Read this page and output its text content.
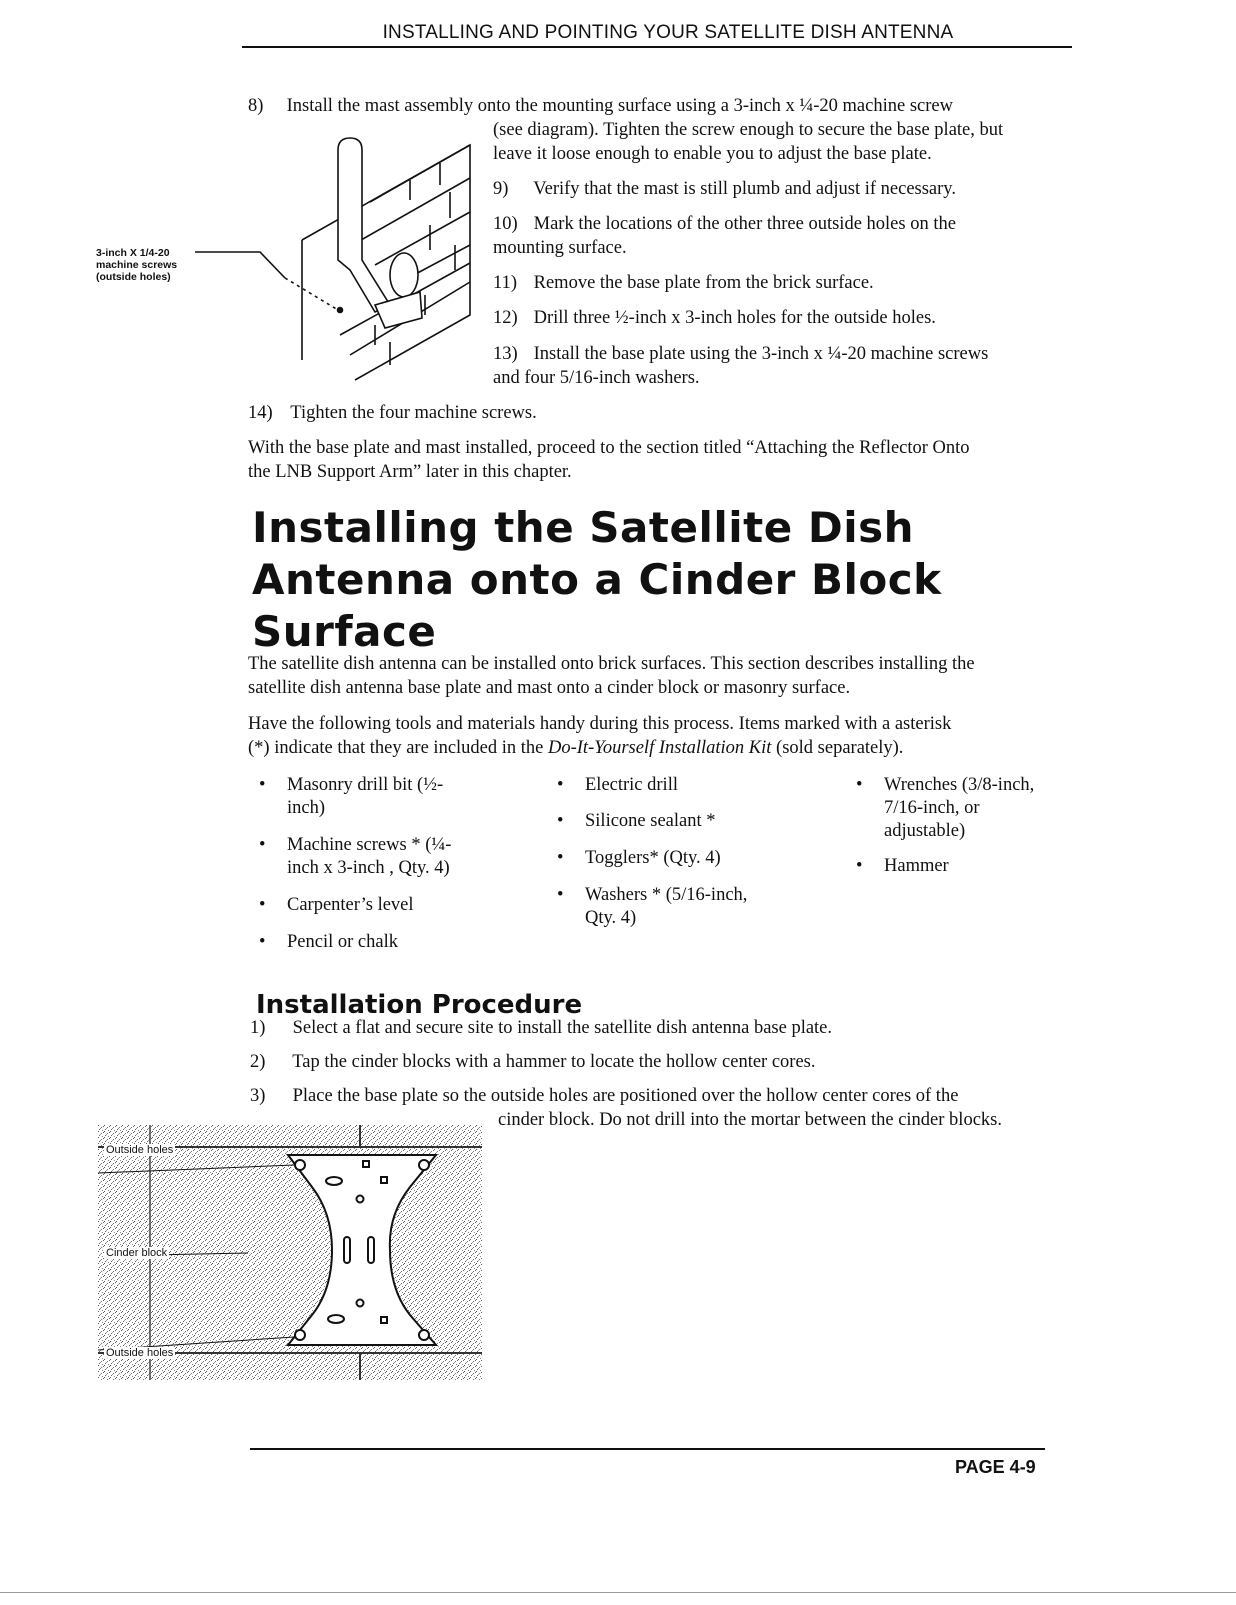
INSTALLING AND POINTING YOUR SATELLITE DISH ANTENNA
8) Install the mast assembly onto the mounting surface using a 3-inch x ¼-20 machine screw
(see diagram). Tighten the screw enough to secure the base plate, but
leave it loose enough to enable you to adjust the base plate.
9) Verify that the mast is still plumb and adjust if necessary.
10) Mark the locations of the other three outside holes on the
mounting surface.
11) Remove the base plate from the brick surface.
12) Drill three ½-inch x 3-inch holes for the outside holes.
13) Install the base plate using the 3-inch x ¼-20 machine screws
and four 5/16-inch washers.
14) Tighten the four machine screws.
3-inch X 1/4-20
machine screws
(outside holes)
With the base plate and mast installed, proceed to the section titled “Attaching the Reflector Onto
the LNB Support Arm” later in this chapter.
Installing the Satellite Dish
Antenna onto a Cinder Block
Surface
The satellite dish antenna can be installed onto brick surfaces. This section describes installing the
satellite dish antenna base plate and mast onto a cinder block or masonry surface.
Have the following tools and materials handy during this process. Items marked with a asterisk
(*) indicate that they are included in the Do-It-Yourself Installation Kit (sold separately).
• Masonry drill bit (½-
inch)
• Machine screws * (¼-
inch x 3-inch , Qty. 4)
• Carpenter’s level
• Pencil or chalk
• Electric drill
• Silicone sealant *
• Togglers* (Qty. 4)
• Washers * (5/16-inch,
Qty. 4)
• Wrenches (3/8-inch,
7/16-inch, or
adjustable)
• Hammer
Installation Procedure
1) Select a flat and secure site to install the satellite dish antenna base plate.
2) Tap the cinder blocks with a hammer to locate the hollow center cores.
3) Place the base plate so the outside holes are positioned over the hollow center cores of the
cinder block. Do not drill into the mortar between the cinder blocks.
Outside holes
Cinder block
Outside holes
PAGE 4-9
